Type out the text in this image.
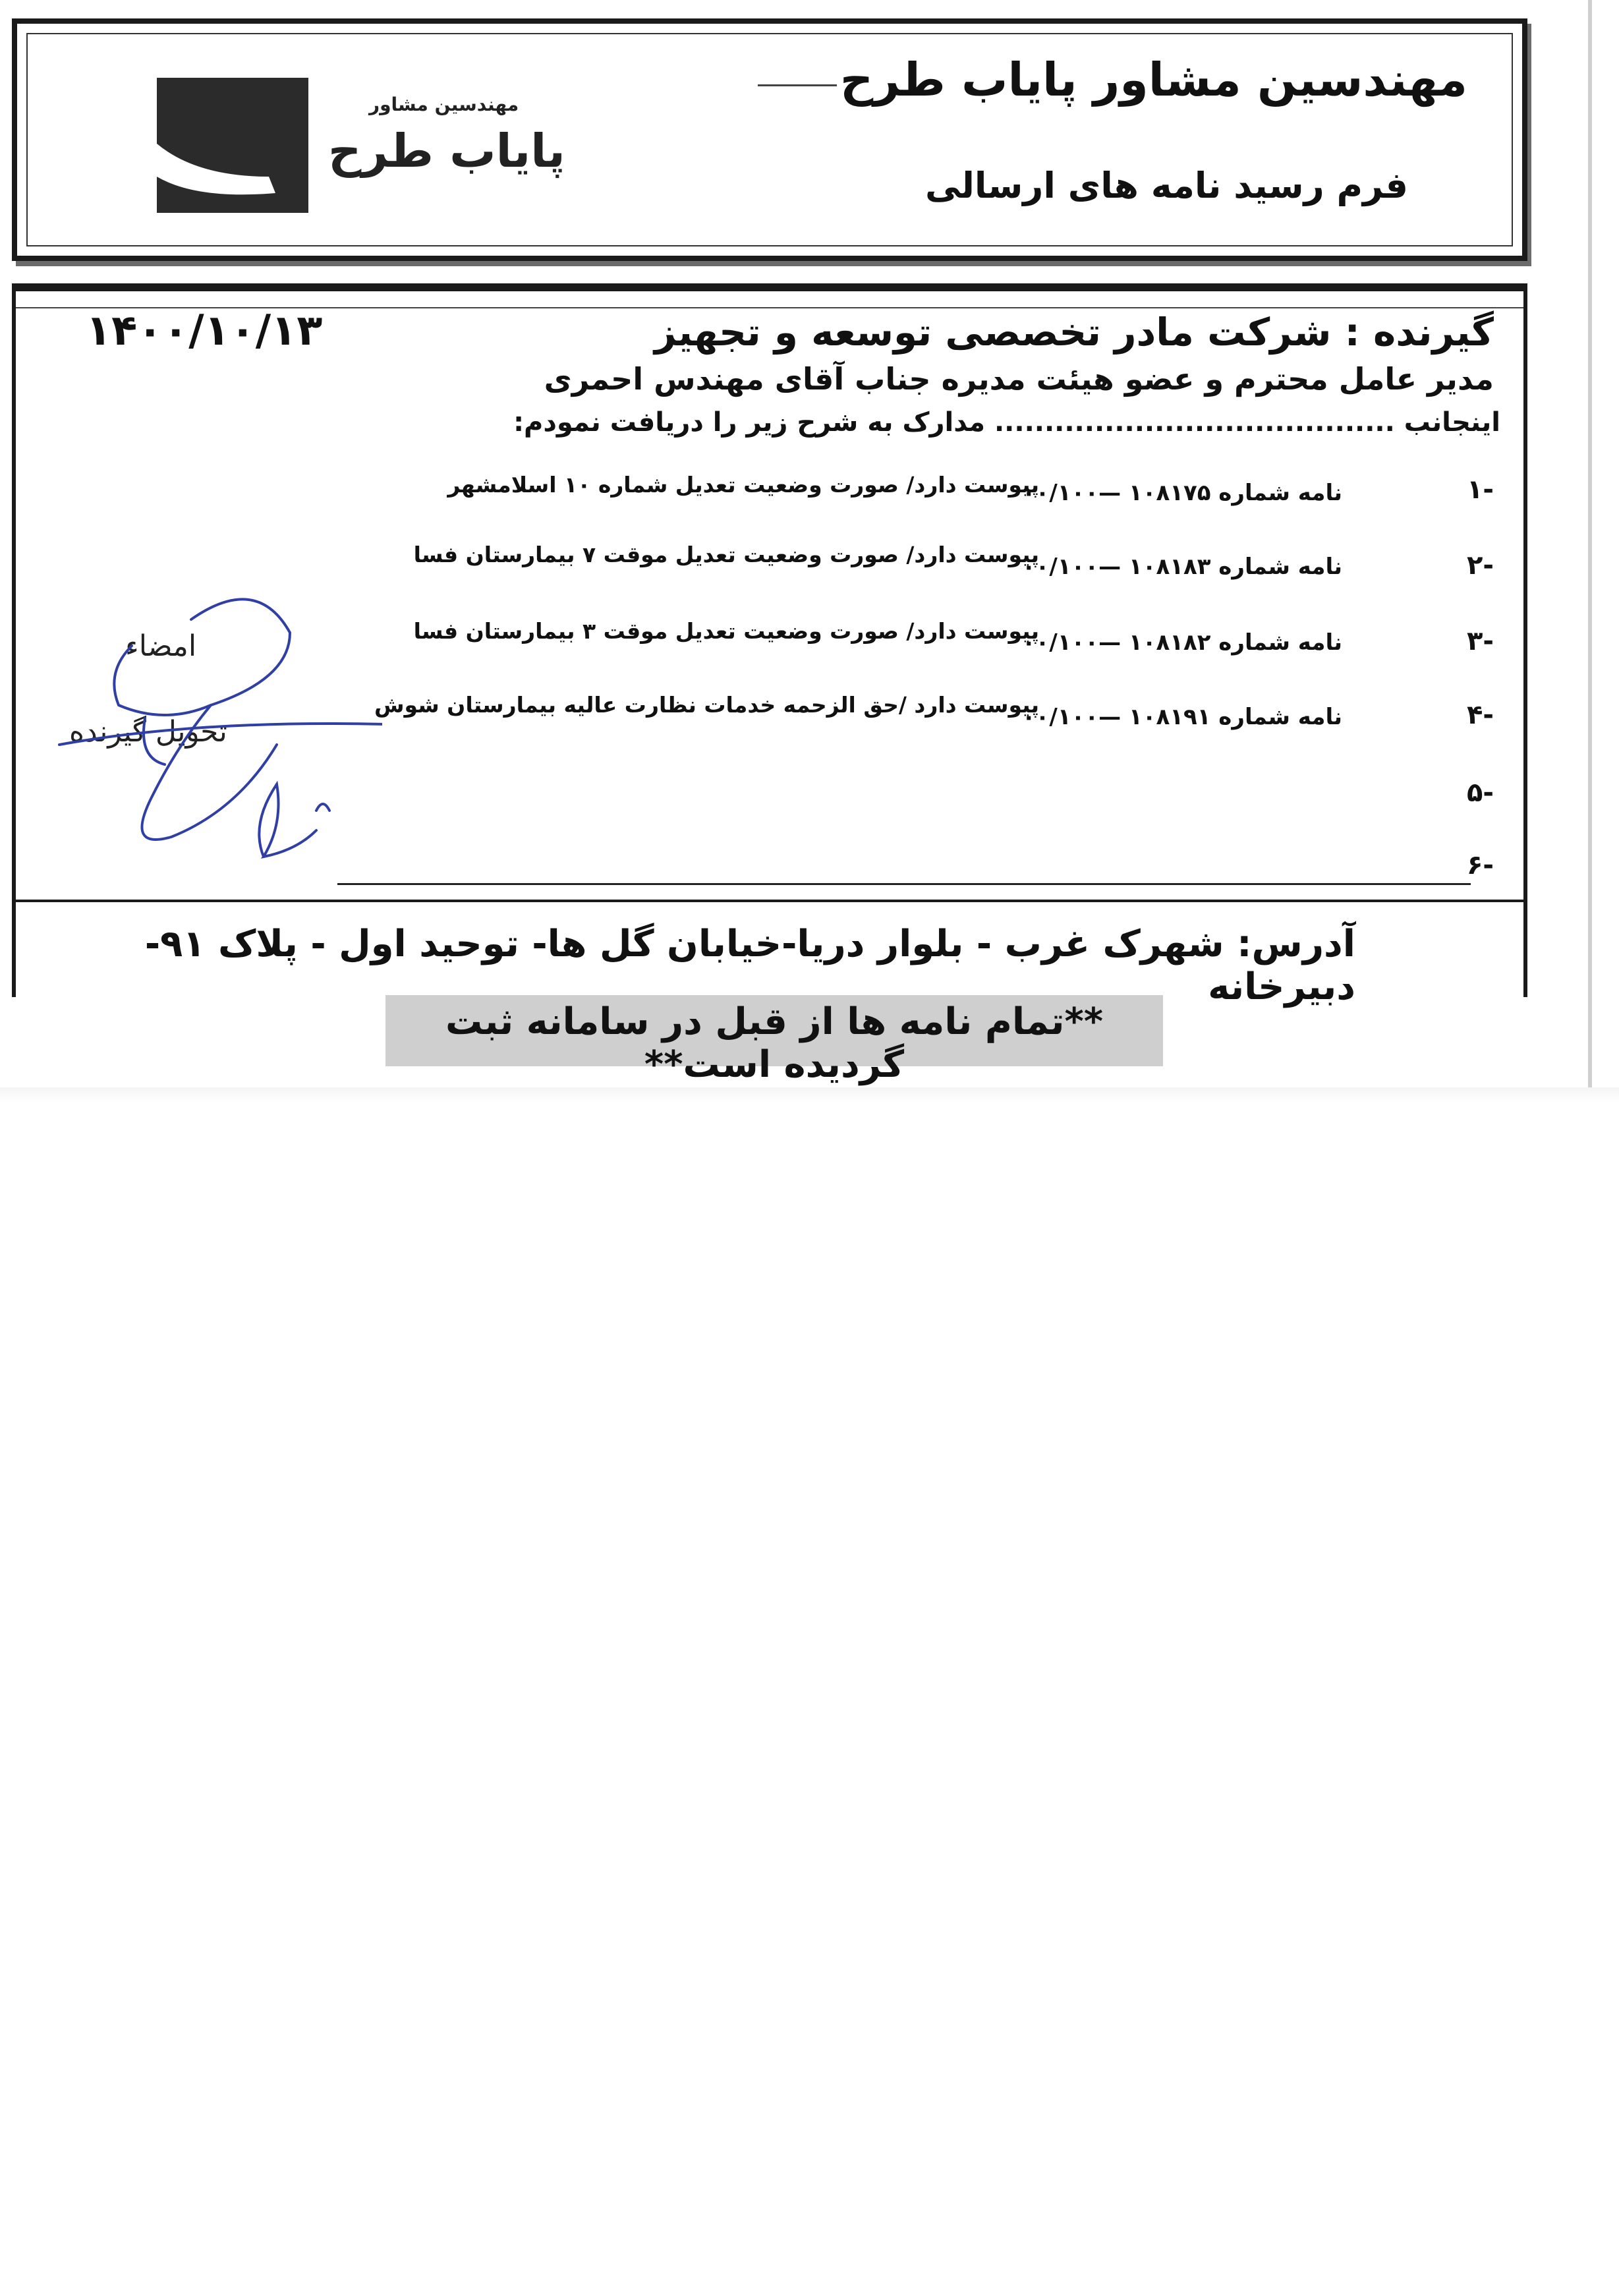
مهندسین مشاور پایاب طرح
فرم رسید نامه های ارسالی
مهندسین مشاور
پایاب طرح
۱۴۰۰/۱۰/۱۳	گیرنده : شرکت مادر تخصصی توسعه و تجهیز
مدیر عامل محترم و عضو هیئت مدیره جناب آقای مهندس احمری
اینجانب ........................................ مدارک به شرح زیر را دریافت نمودم:
-۱
نامه شماره ۱۰۸۱۷۵ —۰۰/۱۰۰
پیوست دارد/ صورت وضعیت تعدیل شماره ۱۰ اسلامشهر
-۲
نامه شماره ۱۰۸۱۸۳ —۰۰/۱۰۰
پیوست دارد/ صورت وضعیت تعدیل موقت ۷ بیمارستان فسا
-۳
نامه شماره ۱۰۸۱۸۲ —۰۰/۱۰۰
پیوست دارد/ صورت وضعیت تعدیل موقت ۳ بیمارستان فسا
-۴
نامه شماره ۱۰۸۱۹۱ —۰۰/۱۰۰
پیوست دارد /حق الزحمه خدمات نظارت عالیه بیمارستان شوش
-۵
-۶
امضاء
تحویل گیرنده
آدرس: شهرک غرب - بلوار دریا-خیابان گل ها- توحید اول - پلاک ۹۱- دبیرخانه
**تمام نامه ها از قبل در سامانه ثبت گردیده است**
